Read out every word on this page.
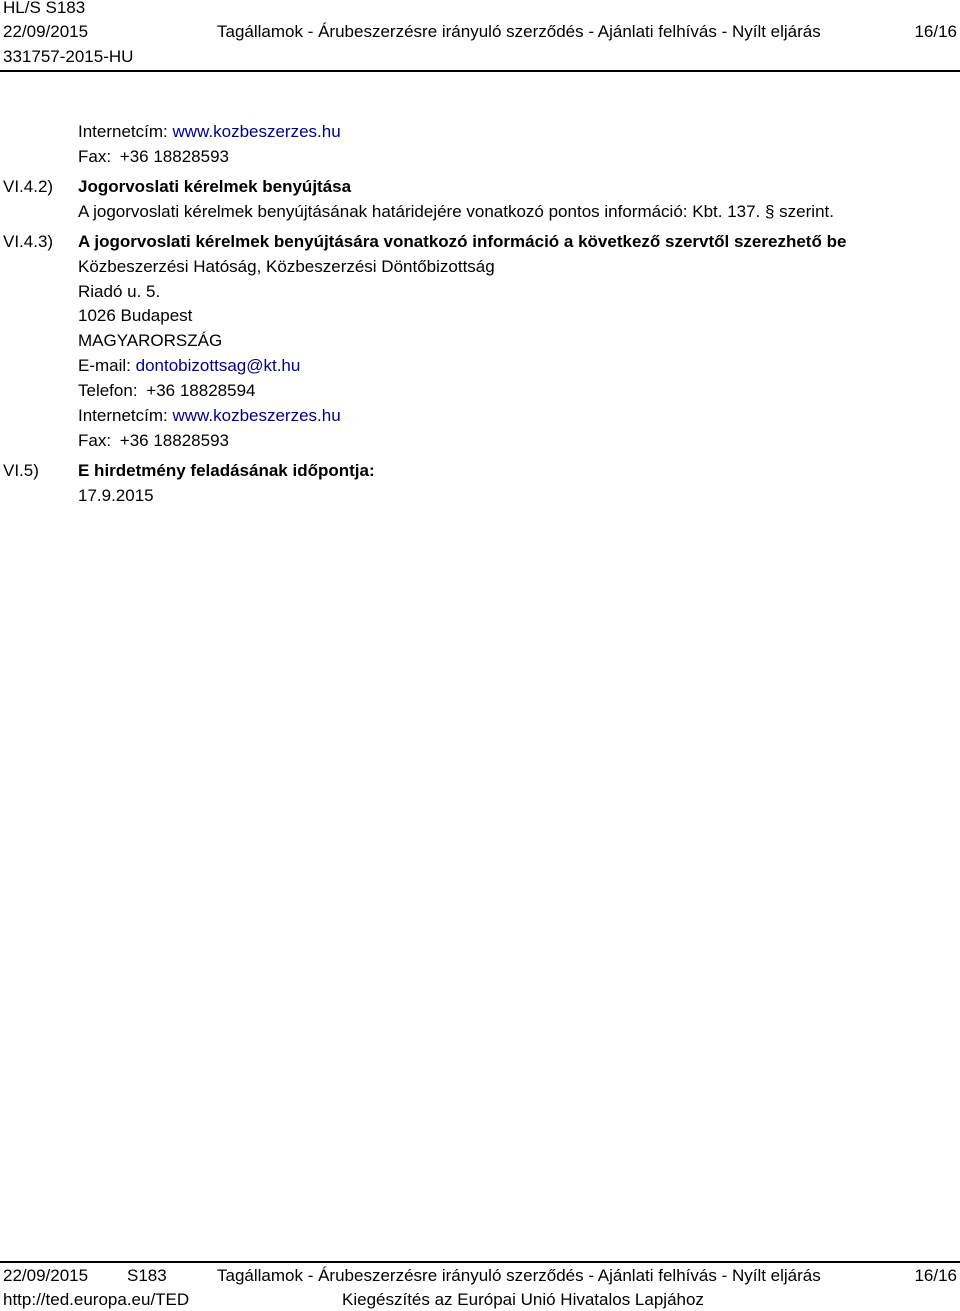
HL/S S183
22/09/2015	Tagállamok - Árubeszerzésre irányuló szerződés - Ajánlati felhívás - Nyílt eljárás	16/16
331757-2015-HU
Internetcím: www.kozbeszerzes.hu
Fax: +36 18828593
VI.4.2) Jogorvoslati kérelmek benyújtása
A jogorvoslati kérelmek benyújtásának határidejére vonatkozó pontos információ: Kbt. 137. § szerint.
VI.4.3) A jogorvoslati kérelmek benyújtására vonatkozó információ a következő szervtől szerezhető be
Közbeszerzési Hatóság, Közbeszerzési Döntőbizottság
Riadó u. 5.
1026 Budapest
MAGYARORSZÁG
E-mail: dontobizottsag@kt.hu
Telefon: +36 18828594
Internetcím: www.kozbeszerzes.hu
Fax: +36 18828593
VI.5) E hirdetmény feladásának időpontja:
17.9.2015
22/09/2015 S183	Tagállamok - Árubeszerzésre irányuló szerződés - Ajánlati felhívás - Nyílt eljárás	16/16
http://ted.europa.eu/TED	Kiegészítés az Európai Unió Hivatalos Lapjához
